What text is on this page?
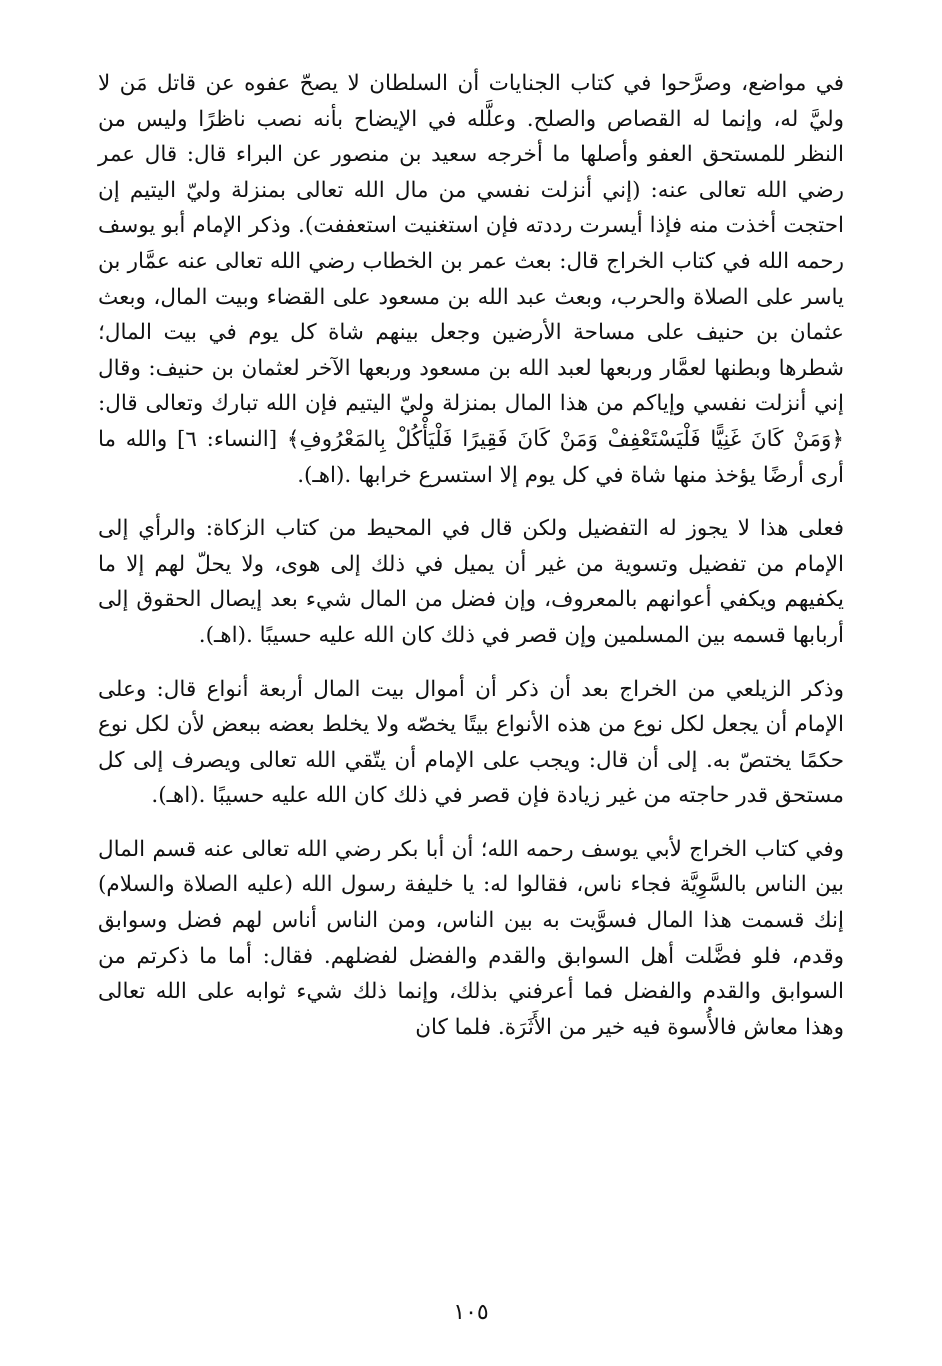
في مواضع، وصرَّحوا في كتاب الجنايات أن السلطان لا يصحّ عفوه عن قاتل مَن لا وليَّ له، وإنما له القصاص والصلح. وعلَّله في الإيضاح بأنه نصب ناظرًا وليس من النظر للمستحق العفو وأصلها ما أخرجه سعيد بن منصور عن البراء قال: قال عمر رضي الله تعالى عنه: (إني أنزلت نفسي من مال الله تعالى بمنزلة وليّ اليتيم إن احتجت أخذت منه فإذا أيسرت رددته فإن استغنيت استعففت). وذكر الإمام أبو يوسف رحمه الله في كتاب الخراج قال: بعث عمر بن الخطاب رضي الله تعالى عنه عمَّار بن ياسر على الصلاة والحرب، وبعث عبد الله بن مسعود على القضاء وبيت المال، وبعث عثمان بن حنيف على مساحة الأرضين وجعل بينهم شاة كل يوم في بيت المال؛ شطرها وبطنها لعمَّار وربعها لعبد الله بن مسعود وربعها الآخر لعثمان بن حنيف: وقال إني أنزلت نفسي وإياكم من هذا المال بمنزلة وليّ اليتيم فإن الله تبارك وتعالى قال: ﴿وَمَنْ كَانَ غَنِيًّا فَلْيَسْتَعْفِفْ وَمَنْ كَانَ فَقِيرًا فَلْيَأْكُلْ بِالمَعْرُوفِ﴾ [النساء: ٦] والله ما أرى أرضًا يؤخذ منها شاة في كل يوم إلا استسرع خرابها .(اهـ).

فعلى هذا لا يجوز له التفضيل ولكن قال في المحيط من كتاب الزكاة: والرأي إلى الإمام من تفضيل وتسوية من غير أن يميل في ذلك إلى هوى، ولا يحلّ لهم إلا ما يكفيهم ويكفي أعوانهم بالمعروف، وإن فضل من المال شيء بعد إيصال الحقوق إلى أربابها قسمه بين المسلمين وإن قصر في ذلك كان الله عليه حسيبًا .(اهـ).

وذكر الزيلعي من الخراج بعد أن ذكر أن أموال بيت المال أربعة أنواع قال: وعلى الإمام أن يجعل لكل نوع من هذه الأنواع بيتًا يخصّه ولا يخلط بعضه ببعض لأن لكل نوع حكمًا يختصّ به. إلى أن قال: ويجب على الإمام أن يتّقي الله تعالى ويصرف إلى كل مستحق قدر حاجته من غير زيادة فإن قصر في ذلك كان الله عليه حسيبًا .(اهـ).

وفي كتاب الخراج لأبي يوسف رحمه الله؛ أن أبا بكر رضي الله تعالى عنه قسم المال بين الناس بالسَّوِيَّة فجاء ناس، فقالوا له: يا خليفة رسول الله (عليه الصلاة والسلام) إنك قسمت هذا المال فسوَّيت به بين الناس، ومن الناس أناس لهم فضل وسوابق وقدم، فلو فضَّلت أهل السوابق والقدم والفضل لفضلهم. فقال: أما ما ذكرتم من السوابق والقدم والفضل فما أعرفني بذلك، وإنما ذلك شيء ثوابه على الله تعالى وهذا معاش فالأُسوة فيه خير من الأَثَرَة. فلما كان

١٠٥
